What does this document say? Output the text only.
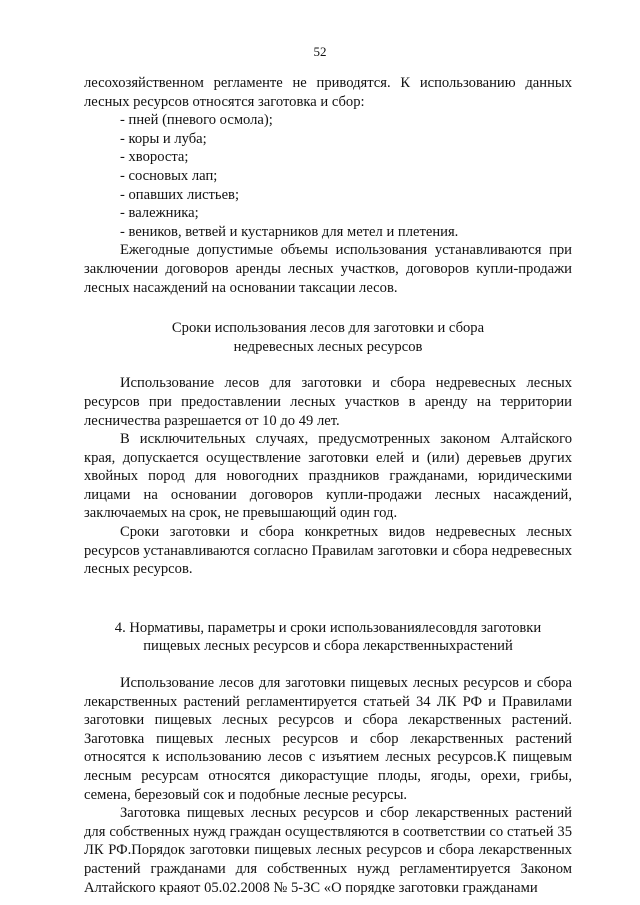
52

лесохозяйственном регламенте не приводятся. К использованию данных лесных ресурсов относятся заготовка и сбор:

- пней (пневого осмола);
- коры и луба;
- хвороста;
- сосновых лап;
- опавших листьев;
- валежника;
- веников, ветвей и кустарников для метел и плетения.

Ежегодные допустимые объемы использования устанавливаются при заключении договоров аренды лесных участков, договоров купли-продажи лесных насаждений на основании таксации лесов.

Сроки использования лесов для заготовки и сбора
недревесных лесных ресурсов

Использование лесов для заготовки и сбора недревесных лесных ресурсов при предоставлении лесных участков в аренду на территории лесничества разрешается от 10 до 49 лет.

В исключительных случаях, предусмотренных законом Алтайского края, допускается осуществление заготовки елей и (или) деревьев других хвойных пород для новогодних праздников гражданами, юридическими лицами на основании договоров купли-продажи лесных насаждений, заключаемых на срок, не превышающий один год.

Сроки заготовки и сбора конкретных видов недревесных лесных ресурсов устанавливаются согласно Правилам заготовки и сбора недревесных лесных ресурсов.

4. Нормативы, параметры и сроки использованиялесовдля заготовки
пищевых лесных ресурсов и сбора лекарственныхрастений

Использование лесов для заготовки пищевых лесных ресурсов и сбора лекарственных растений регламентируется статьей 34 ЛК РФ и Правилами заготовки пищевых лесных ресурсов и сбора лекарственных растений. Заготовка пищевых лесных ресурсов и сбор лекарственных растений относятся к использованию лесов с изъятием лесных ресурсов.К пищевым лесным ресурсам относятся дикорастущие плоды, ягоды, орехи, грибы, семена, березовый сок и подобные лесные ресурсы.

Заготовка пищевых лесных ресурсов и сбор лекарственных растений для собственных нужд граждан осуществляются в соответствии со статьей 35 ЛК РФ.Порядок заготовки пищевых лесных ресурсов и сбора лекарственных растений гражданами для собственных нужд регламентируется Законом Алтайского краяот 05.02.2008 № 5-ЗС «О порядке заготовки гражданами
